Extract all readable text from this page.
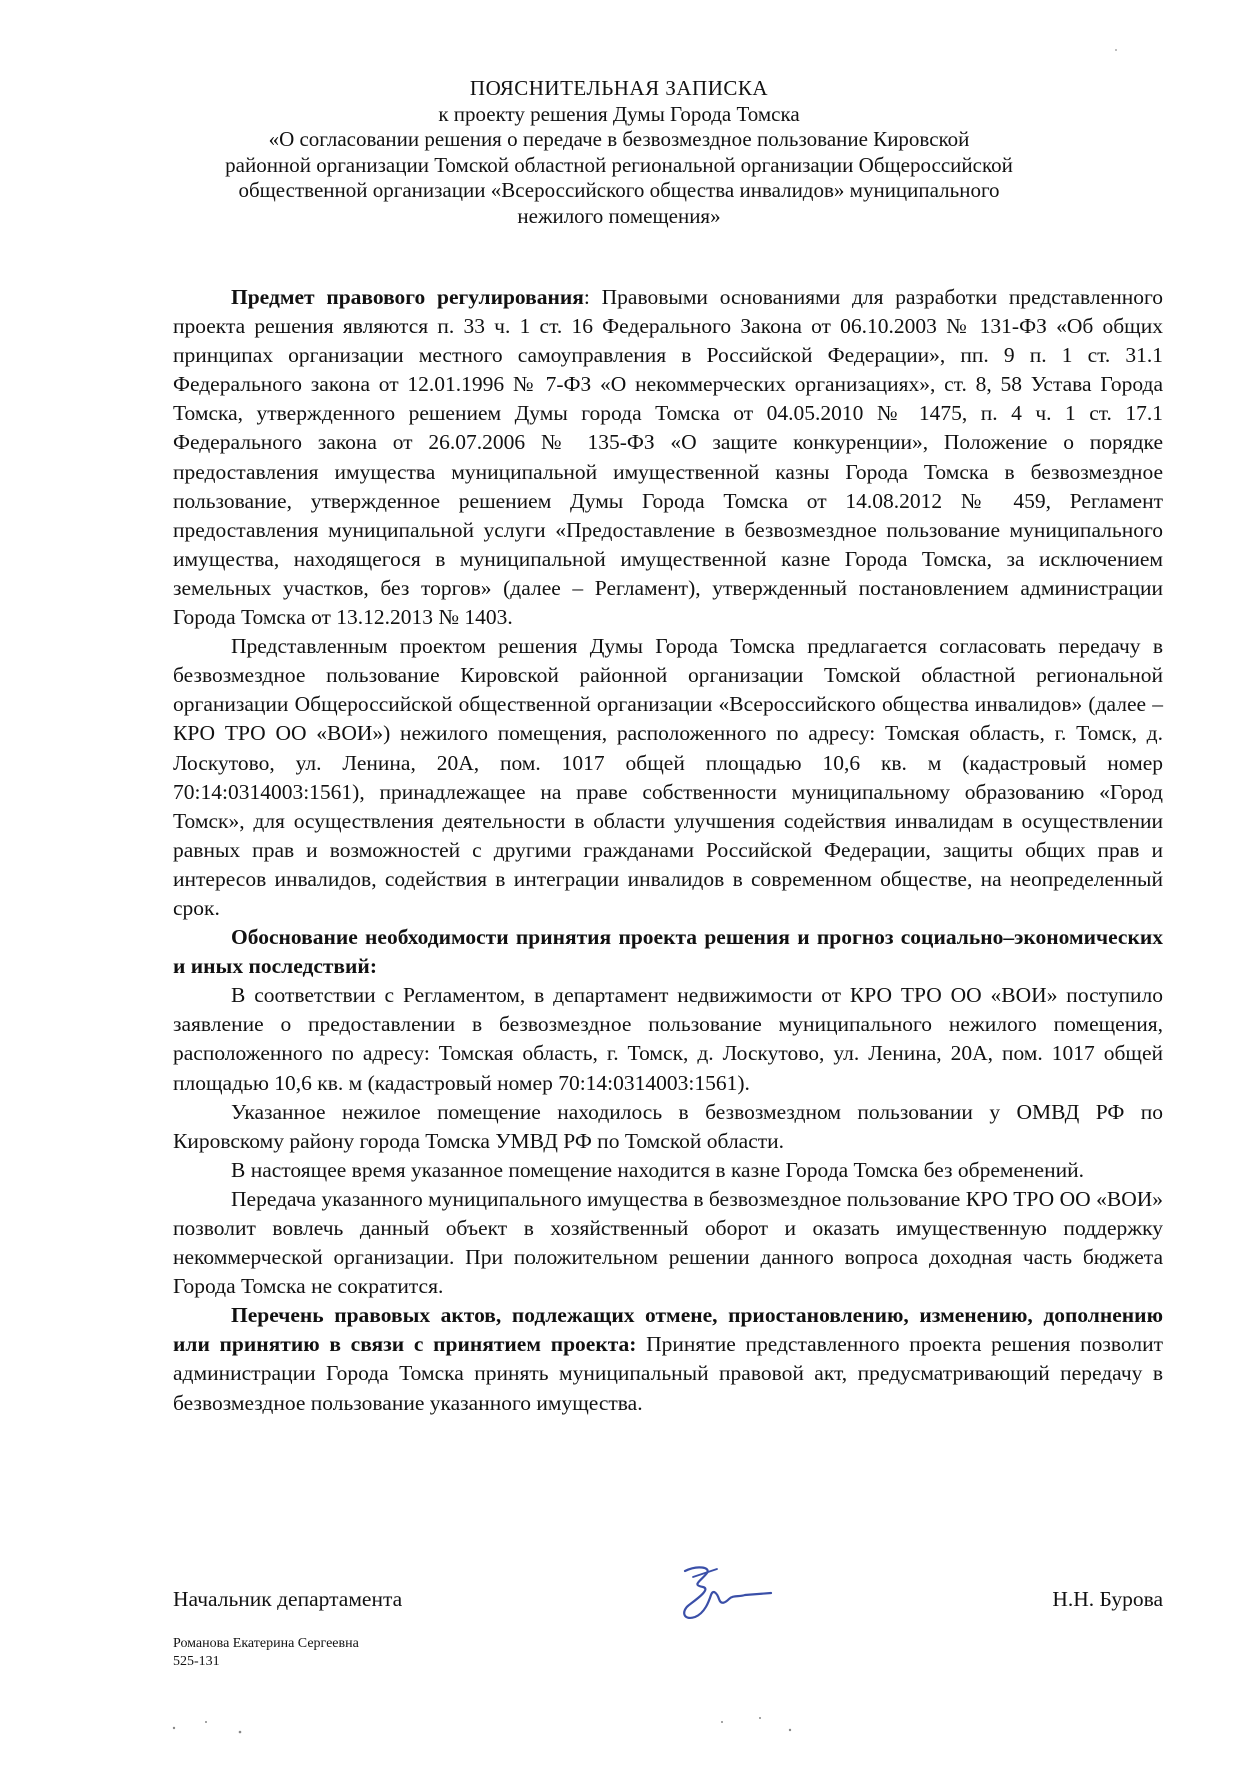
ПОЯСНИТЕЛЬНАЯ ЗАПИСКА
к проекту решения Думы Города Томска
«О согласовании решения о передаче в безвозмездное пользование Кировской
районной организации Томской областной региональной организации Общероссийской
общественной организации «Всероссийского общества инвалидов» муниципального
нежилого помещения»

Предмет правового регулирования: Правовыми основаниями для разработки представленного проекта решения являются п. 33 ч. 1 ст. 16 Федерального Закона от 06.10.2003 № 131-ФЗ «Об общих принципах организации местного самоуправления в Российской Федерации», пп. 9 п. 1 ст. 31.1 Федерального закона от 12.01.1996 № 7-ФЗ «О некоммерческих организациях», ст. 8, 58 Устава Города Томска, утвержденного решением Думы города Томска от 04.05.2010 № 1475, п. 4 ч. 1 ст. 17.1 Федерального закона от 26.07.2006 № 135-ФЗ «О защите конкуренции», Положение о порядке предоставления имущества муниципальной имущественной казны Города Томска в безвозмездное пользование, утвержденное решением Думы Города Томска от 14.08.2012 № 459, Регламент предоставления муниципальной услуги «Предоставление в безвозмездное пользование муниципального имущества, находящегося в муниципальной имущественной казне Города Томска, за исключением земельных участков, без торгов» (далее – Регламент), утвержденный постановлением администрации Города Томска от 13.12.2013 № 1403.

Представленным проектом решения Думы Города Томска предлагается согласовать передачу в безвозмездное пользование Кировской районной организации Томской областной региональной организации Общероссийской общественной организации «Всероссийского общества инвалидов» (далее – КРО ТРО ОО «ВОИ») нежилого помещения, расположенного по адресу: Томская область, г. Томск, д. Лоскутово, ул. Ленина, 20А, пом. 1017 общей площадью 10,6 кв. м (кадастровый номер 70:14:0314003:1561), принадлежащее на праве собственности муниципальному образованию «Город Томск», для осуществления деятельности в области улучшения содействия инвалидам в осуществлении равных прав и возможностей с другими гражданами Российской Федерации, защиты общих прав и интересов инвалидов, содействия в интеграции инвалидов в современном обществе, на неопределенный срок.

Обоснование необходимости принятия проекта решения и прогноз социально–экономических и иных последствий:

В соответствии с Регламентом, в департамент недвижимости от КРО ТРО ОО «ВОИ» поступило заявление о предоставлении в безвозмездное пользование муниципального нежилого помещения, расположенного по адресу: Томская область, г. Томск, д. Лоскутово, ул. Ленина, 20А, пом. 1017 общей площадью 10,6 кв. м (кадастровый номер 70:14:0314003:1561).

Указанное нежилое помещение находилось в безвозмездном пользовании у ОМВД РФ по Кировскому району города Томска УМВД РФ по Томской области.

В настоящее время указанное помещение находится в казне Города Томска без обременений.

Передача указанного муниципального имущества в безвозмездное пользование КРО ТРО ОО «ВОИ» позволит вовлечь данный объект в хозяйственный оборот и оказать имущественную поддержку некоммерческой организации. При положительном решении данного вопроса доходная часть бюджета Города Томска не сократится.

Перечень правовых актов, подлежащих отмене, приостановлению, изменению, дополнению или принятию в связи с принятием проекта: Принятие представленного проекта решения позволит администрации Города Томска принять муниципальный правовой акт, предусматривающий передачу в безвозмездное пользование указанного имущества.

Начальник департамента	Н.Н. Бурова
Романова Екатерина Сергеевна
525-131
